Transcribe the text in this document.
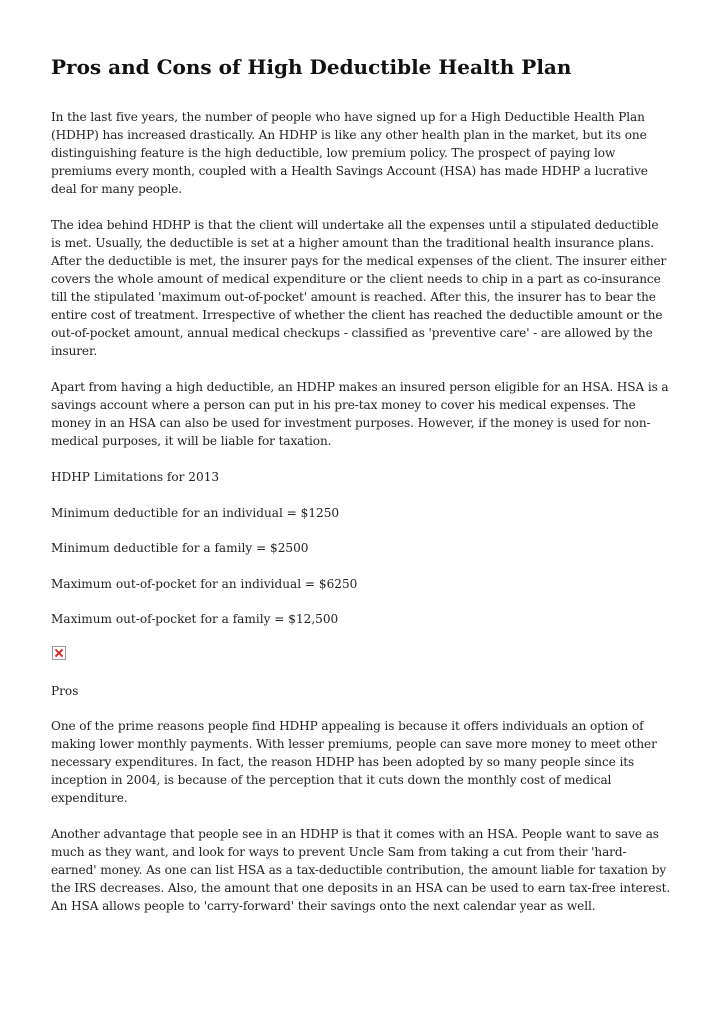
Pros and Cons of High Deductible Health Plan

In the last five years, the number of people who have signed up for a High Deductible Health Plan (HDHP) has increased drastically. An HDHP is like any other health plan in the market, but its one distinguishing feature is the high deductible, low premium policy. The prospect of paying low premiums every month, coupled with a Health Savings Account (HSA) has made HDHP a lucrative deal for many people.

The idea behind HDHP is that the client will undertake all the expenses until a stipulated deductible is met. Usually, the deductible is set at a higher amount than the traditional health insurance plans. After the deductible is met, the insurer pays for the medical expenses of the client. The insurer either covers the whole amount of medical expenditure or the client needs to chip in a part as co-insurance till the stipulated 'maximum out-of-pocket' amount is reached. After this, the insurer has to bear the entire cost of treatment. Irrespective of whether the client has reached the deductible amount or the out-of-pocket amount, annual medical checkups - classified as 'preventive care' - are allowed by the insurer.

Apart from having a high deductible, an HDHP makes an insured person eligible for an HSA. HSA is a savings account where a person can put in his pre-tax money to cover his medical expenses. The money in an HSA can also be used for investment purposes. However, if the money is used for non-medical purposes, it will be liable for taxation.

HDHP Limitations for 2013

Minimum deductible for an individual = $1250

Minimum deductible for a family = $2500

Maximum out-of-pocket for an individual = $6250

Maximum out-of-pocket for a family = $12,500

Pros

One of the prime reasons people find HDHP appealing is because it offers individuals an option of making lower monthly payments. With lesser premiums, people can save more money to meet other necessary expenditures. In fact, the reason HDHP has been adopted by so many people since its inception in 2004, is because of the perception that it cuts down the monthly cost of medical expenditure.

Another advantage that people see in an HDHP is that it comes with an HSA. People want to save as much as they want, and look for ways to prevent Uncle Sam from taking a cut from their 'hard-earned' money. As one can list HSA as a tax-deductible contribution, the amount liable for taxation by the IRS decreases. Also, the amount that one deposits in an HSA can be used to earn tax-free interest. An HSA allows people to 'carry-forward' their savings onto the next calendar year as well.
